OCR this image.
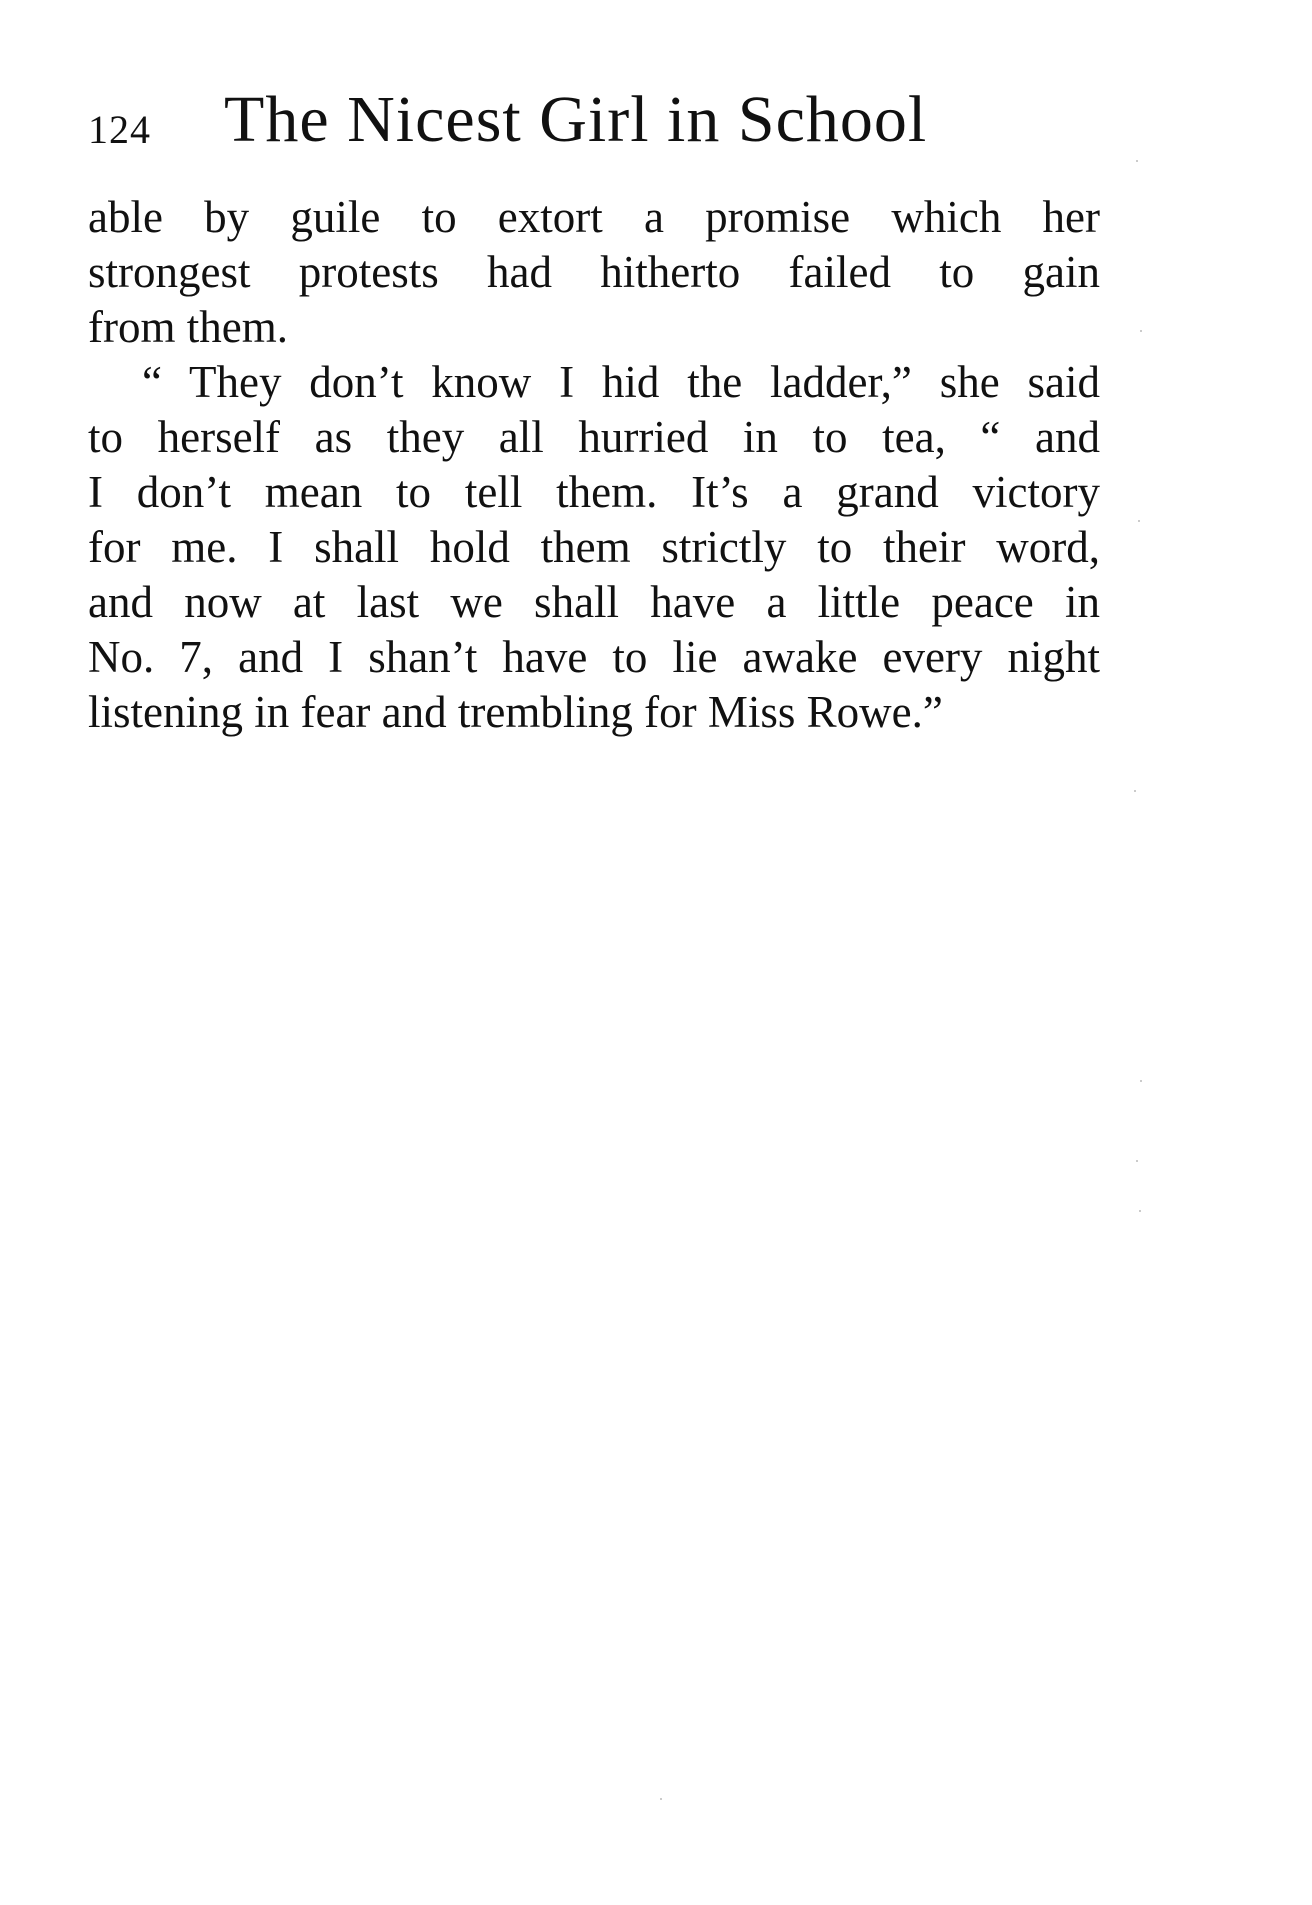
124 The Nicest Girl in School
able by guile to extort a promise which her
strongest protests had hitherto failed to gain
from them.
“ They don’t know I hid the ladder,” she said
to herself as they all hurried in to tea, “ and
I don’t mean to tell them. It’s a grand victory
for me. I shall hold them strictly to their word,
and now at last we shall have a little peace in
No. 7, and I shan’t have to lie awake every night
listening in fear and trembling for Miss Rowe.”
